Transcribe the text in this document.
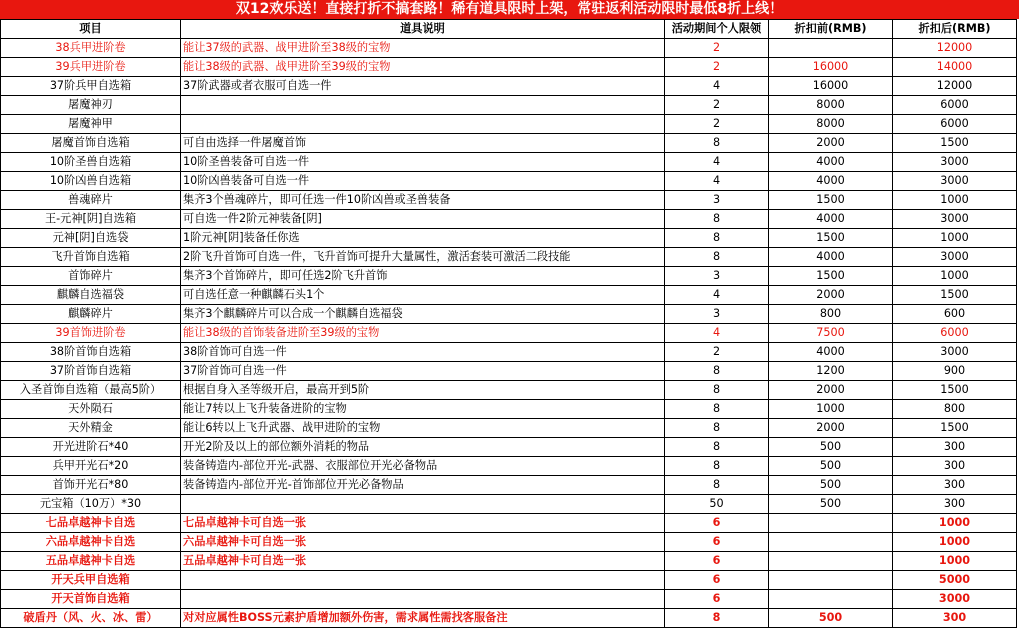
双12欢乐送！直接打折不搞套路！稀有道具限时上架，常驻返利活动限时最低8折上线！
项目	道具说明	活动期间个人限领	折扣前(RMB)	折扣后(RMB)
38兵甲进阶卷	能让37级的武器、战甲进阶至38级的宝物	2		12000
39兵甲进阶卷	能让38级的武器、战甲进阶至39级的宝物	2	16000	14000
37阶兵甲自选箱	37阶武器或者衣服可自选一件	4	16000	12000
屠魔神刃		2	8000	6000
屠魔神甲		2	8000	6000
屠魔首饰自选箱	可自由选择一件屠魔首饰	8	2000	1500
10阶圣兽自选箱	10阶圣兽装备可自选一件	4	4000	3000
10阶凶兽自选箱	10阶凶兽装备可自选一件	4	4000	3000
兽魂碎片	集齐3个兽魂碎片，即可任选一件10阶凶兽或圣兽装备	3	1500	1000
王-元神[阴]自选箱	可自选一件2阶元神装备[阴]	8	4000	3000
元神[阴]自选袋	1阶元神[阴]装备任你选	8	1500	1000
飞升首饰自选箱	2阶飞升首饰可自选一件，飞升首饰可提升大量属性，激活套装可激活二段技能	8	4000	3000
首饰碎片	集齐3个首饰碎片，即可任选2阶飞升首饰	3	1500	1000
麒麟自选福袋	可自选任意一种麒麟石头1个	4	2000	1500
麒麟碎片	集齐3个麒麟碎片可以合成一个麒麟自选福袋	3	800	600
39首饰进阶卷	能让38级的首饰装备进阶至39级的宝物	4	7500	6000
38阶首饰自选箱	38阶首饰可自选一件	2	4000	3000
37阶首饰自选箱	37阶首饰可自选一件	8	1200	900
入圣首饰自选箱（最高5阶）	根据自身入圣等级开启，最高开到5阶	8	2000	1500
天外陨石	能让7转以上飞升装备进阶的宝物	8	1000	800
天外精金	能让6转以上飞升武器、战甲进阶的宝物	8	2000	1500
开光进阶石*40	开光2阶及以上的部位额外消耗的物品	8	500	300
兵甲开光石*20	装备铸造内-部位开光-武器、衣服部位开光必备物品	8	500	300
首饰开光石*80	装备铸造内-部位开光-首饰部位开光必备物品	8	500	300
元宝箱（10万）*30		50	500	300
七品卓越神卡自选	七品卓越神卡可自选一张	6		1000
六品卓越神卡自选	六品卓越神卡可自选一张	6		1000
五品卓越神卡自选	五品卓越神卡可自选一张	6		1000
开天兵甲自选箱		6		5000
开天首饰自选箱		6		3000
破盾丹（风、火、冰、雷）	对对应属性BOSS元素护盾增加额外伤害，需求属性需找客服备注	8	500	300
